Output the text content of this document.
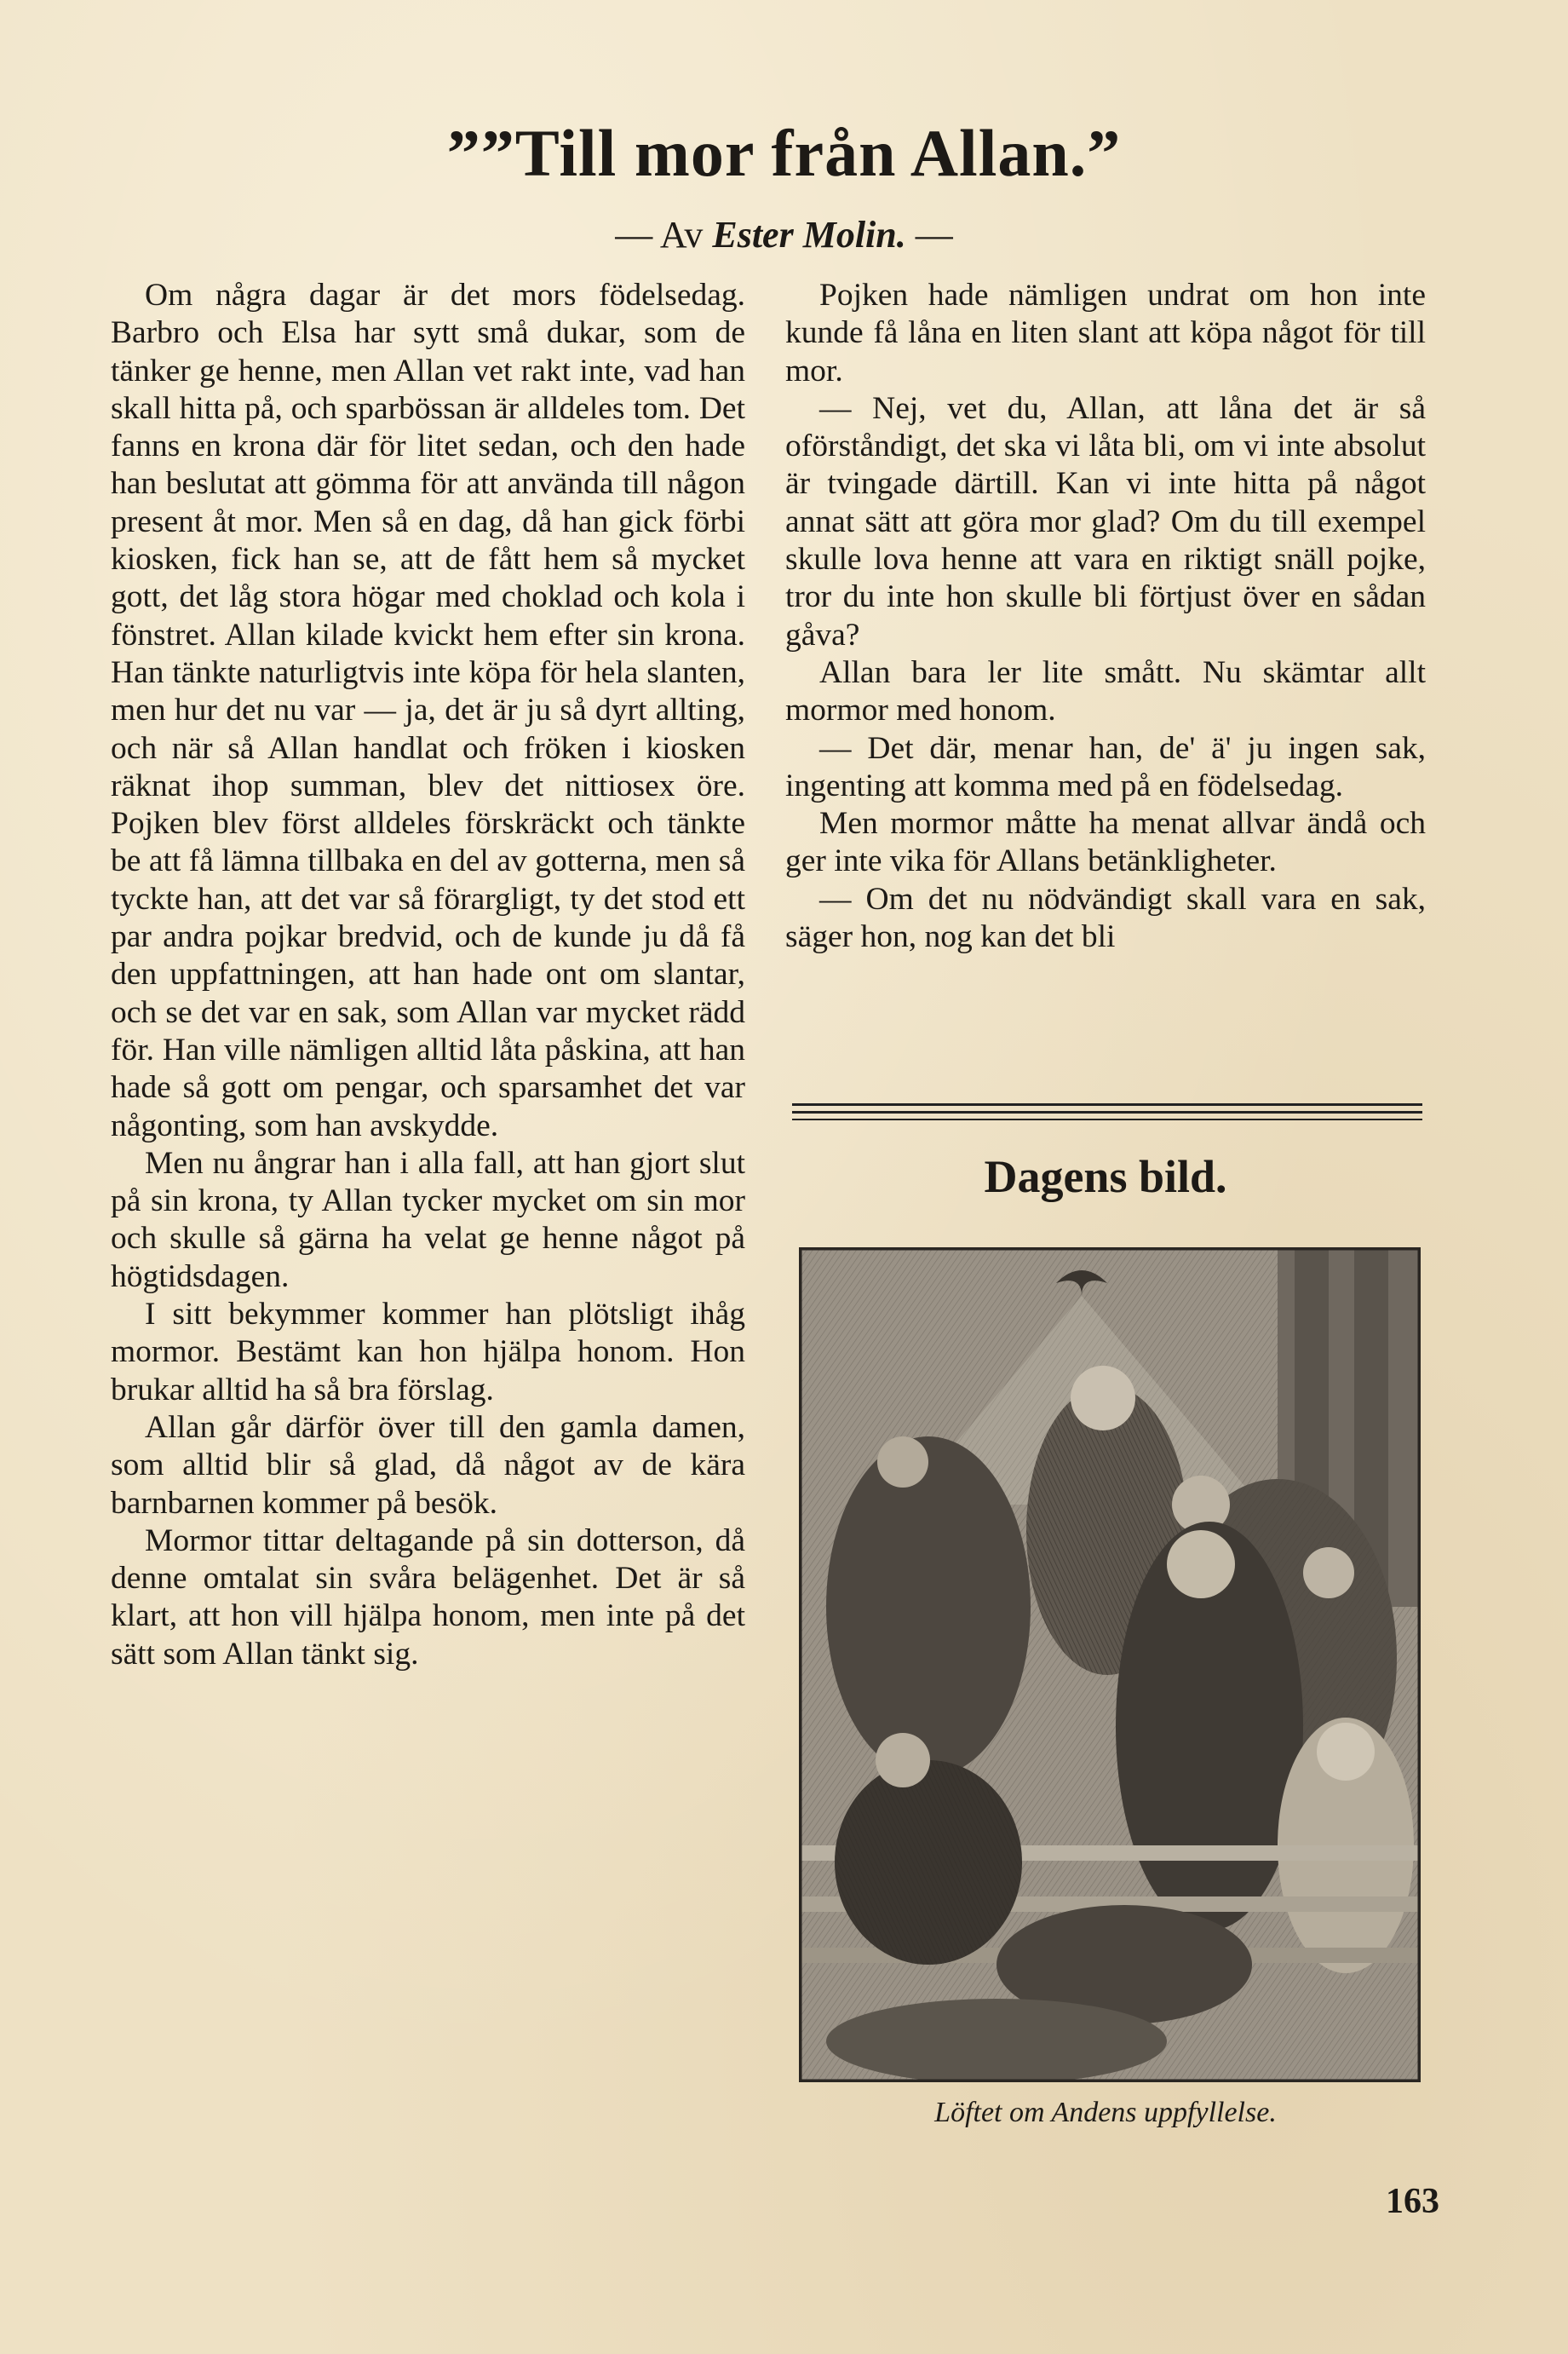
””Till mor från Allan.”

— Av Ester Molin. —

Om några dagar är det mors födelsedag. Barbro och Elsa har sytt små dukar, som de tänker ge henne, men Allan vet rakt inte, vad han skall hitta på, och sparbössan är alldeles tom. Det fanns en krona där för litet sedan, och den hade han beslutat att gömma för att använda till någon present åt mor. Men så en dag, då han gick förbi kiosken, fick han se, att de fått hem så mycket gott, det låg stora högar med choklad och kola i fönstret. Allan kilade kvickt hem efter sin krona. Han tänkte naturligtvis inte köpa för hela slanten, men hur det nu var — ja, det är ju så dyrt allting, och när så Allan handlat och fröken i kiosken räknat ihop summan, blev det nittiosex öre. Pojken blev först alldeles förskräckt och tänkte be att få lämna tillbaka en del av gotterna, men så tyckte han, att det var så förargligt, ty det stod ett par andra pojkar bredvid, och de kunde ju då få den uppfattningen, att han hade ont om slantar, och se det var en sak, som Allan var mycket rädd för. Han ville nämligen alltid låta påskina, att han hade så gott om pengar, och sparsamhet det var någonting, som han avskydde.

Men nu ångrar han i alla fall, att han gjort slut på sin krona, ty Allan tycker mycket om sin mor och skulle så gärna ha velat ge henne något på högtidsdagen.

I sitt bekymmer kommer han plötsligt ihåg mormor. Bestämt kan hon hjälpa honom. Hon brukar alltid ha så bra förslag.

Allan går därför över till den gamla damen, som alltid blir så glad, då något av de kära barnbarnen kommer på besök.

Mormor tittar deltagande på sin dotterson, då denne omtalat sin svåra belägenhet. Det är så klart, att hon vill hjälpa honom, men inte på det sätt som Allan tänkt sig.

Pojken hade nämligen undrat om hon inte kunde få låna en liten slant att köpa något för till mor.

— Nej, vet du, Allan, att låna det är så oförståndigt, det ska vi låta bli, om vi inte absolut är tvingade därtill. Kan vi inte hitta på något annat sätt att göra mor glad? Om du till exempel skulle lova henne att vara en riktigt snäll pojke, tror du inte hon skulle bli förtjust över en sådan gåva?

Allan bara ler lite smått. Nu skämtar allt mormor med honom.

— Det där, menar han, de' ä' ju ingen sak, ingenting att komma med på en födelsedag.

Men mormor måtte ha menat allvar ändå och ger inte vika för Allans betänkligheter.

— Om det nu nödvändigt skall vara en sak, säger hon, nog kan det bli

Dagens bild.

Löftet om Andens uppfyllelse.

163
